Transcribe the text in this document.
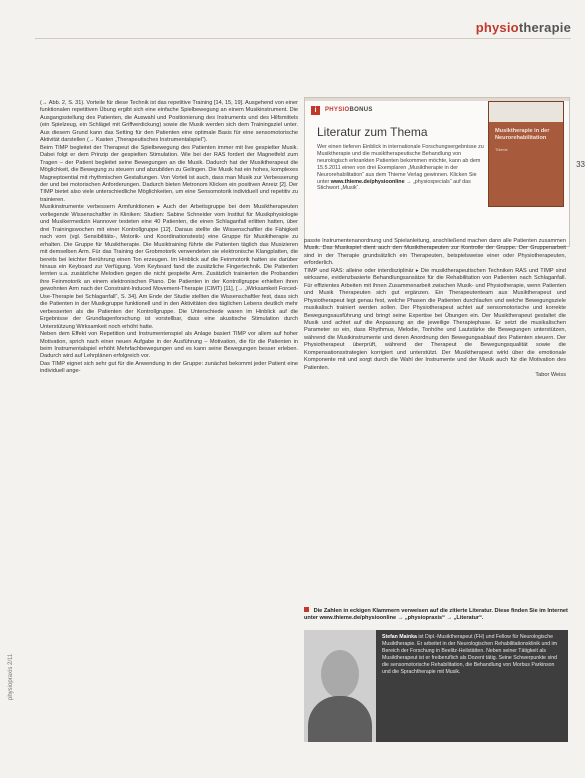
physiotherapie
33
physiopraxis 2/11

(→ Abb. 2, S. 31). Vorteile für diese Technik ist das repetitive Training [14, 15, 19]. Ausgehend von einer funktionalen repetitiven Übung ergibt sich eine einfache Spielbewegung an einem Musikinstrument. Die Ausgangsstellung des Patienten, die Auswahl und Positionierung des Instruments und des Hilfsmittels (ein Spielzeug, ein Schlägel mit Griffverdickung) sowie die Musik werden sich dem Trainingsziel unter. Aus diesem Grund kann das Setting für den Patienten eine optimale Basis für eine sensomotorische Aktivität darstellen (→ Kasten „Therapeutisches Instrumentalspiel“).

Beim TIMP begleitet der Therapeut die Spielbewegung des Patienten immer mit live gespielter Musik. Dabei folgt er dem Prinzip der gespielten Stimulation. Wie bei der RAS fordert der Magnetfeld zum Tragen – der Patient begleitet seine Bewegungen an die Musik. Dadurch hat der Musiktherapeut die Möglichkeit, die Bewegung zu steuern und abzubilden zu Gelingen. Die Musik hat ein hohes, komplexes Magneptoential mit rhythmischen Gestaltungen. Von Vorteil ist auch, dass man Musik zur Verbesserung der und bei motorischen Anforderungen. Dadurch bieten Metronom Klicken ein positiven Anreiz [2]. Der TIMP bietet also viele unterschiedliche Möglichkeiten, um eine Sensomotorik individuell und repetitiv zu trainieren.

Musikinstrumente verbessern Armfunktionen ▸ Auch der Arbeitsgruppe bei dem Musiktherapeuten vorliegende Wissenschaftler in Kliniken: Studien: Sabine Schneider vom Institut für Musikphysiologie und Musikermedizin Hannover testeten eine 40 Patienten, die einen Schlaganfall erlitten hatten, über drei Trainingswochen mit einer Kontrollgruppe [12]. Daraus stellte die Wissenschaftler die Fähigkeit nach vorn (vgl. Sensibilitäts-, Motorik- und Koordinationstests) eine Gruppe für Musiktherapie zu erhalten. Die Gruppe für Musiktherapie. Die Musiktraining führte die Patienten täglich das Musizieren mit demselben Arm. Für das Training der Grobmotorik verwendeten sie elektronische Klangplatten, die bereits bei leichter Berührung einen Ton erzeugen. Im Hinblick auf die Feinmotorik hatten sie darüber hinaus ein Keyboard zur Verfügung. Vom Keyboard fand die zusätzliche Fingertechnik. Die Patienten lernten u.a. zusätzliche Melodien gegen die nicht gespielte Arm. Zusätzlich trainierten die Probanden ihre Feinmotorik an einem elektronischen Piano. Die Patienten in der Kontrollgruppe erhielten ihren gewohnten Arm nach der Constraint-Induced Movement-Therapie (CIMT) [11], [→ „Wirksamkeit Forced-Use-Therapie bei Schlaganfall“, S. 34]. Am Ende der Studie stellten die Wissenschaftler fest, dass sich die Patienten in der Musikgruppe funktionell und in den Aktivitäten des täglichen Lebens deutlich mehr verbesserten als die Patienten der Kontrollgruppe. Die Unterschiede waren im Hinblick auf die Ergebnisse der Grundlagenforschung ist vorstellbar, dass eine akustische Stimulation durch Unterstützung Wirksamkeit noch erhöht hatte.

Neben dem Effekt von Repetition und Instrumentenspiel als Anlage basiert TIMP vor allem auf hoher Motivation, sprich nach einer neuen Aufgabe in der Ausführung – Motivation, die für die Patienten in beim Instrumentalspiel erhöht Mehrfachbewegungen und es kann seine Bewegungen besser erleben. Dadurch wird auf Lehrplänen erfolgreich vor.

Das TIMP eignet sich sehr gut für die Anwendung in der Gruppe: zunächst bekommt jeder Patient eine individuell ange-

i	PHYSIOBONUS
Literatur zum Thema
Wer einen tieferen Einblick in internationale Forschungsergebnisse zu Musiktherapie und die musiktherapeutische Behandlung von neurologisch erkrankten Patienten bekommen möchte, kann ab dem 15.5.2011 einen von drei Exemplaren „Musiktherapie in der Neurorehabilitation“ aus dem Thieme Verlag gewinnen. Klicken Sie unter www.thieme.de/physioonline → „physiospecials“ auf das Stichwort „Musik“.
Musiktherapie in der Neurorehabilitation
Thieme

passte Instrumentenanordnung und Spielanleitung, anschließend machen dann alle Patienten zusammen Musik. Das Musikspiel dient auch den Musiktherapeuten zur Kontrolle der Gruppe. Der Gruppenarbeit sind in der Therapie grundsätzlich ein Therapeuten, beispielsweise einer oder Physiotherapeuten, erforderlich.

TIMP und RAS: alleine oder interdisziplinär ▸ Die musiktherapeutischen Techniken RAS und TIMP sind wirksame, evidenzbasierte Behandlungsansätze für die Rehabilitation von Patienten nach Schlaganfall. Für effizientes Arbeiten mit ihnen Zusammenarbeit zwischen Musik- und Physiotherapie, wenn Patienten und Musik Therapeuten sich gut ergänzen. Ein Therapeutenteam aus Musiktherapeut und Physiotherapeut legt genau fest, welche Phasen die Patienten durchlaufen und welche Bewegungsziele musikalisch trainiert werden sollen. Der Physiotherapeut achtet auf sensomotorische und korrekte Bewegungsausführung und bringt seine Expertise bei Übungen ein. Der Musiktherapeut gestaltet die Musik und achtet auf die Anpassung an die jeweilige Therapiephase. Er setzt die musikalischen Parameter so ein, dass Rhythmus, Melodie, Tonhöhe und Lautstärke die Bewegungen unterstützen, während die Musikinstrumente und deren Anordnung den Bewegungsablauf des Patienten steuern. Der Physiotherapeut überprüft, während der Therapeut die Bewegungsqualität sowie die Kompensationsstrategien korrigiert und unterstützt. Der Musiktherapeut wirkt über die emotionale Komponente mit und sorgt durch die Wahl der Instrumente und der Musik auch für die Motivation des Patienten.

Tabor Weiss

Die Zahlen in eckigen Klammern verweisen auf die zitierte Literatur. Diese finden Sie im Internet unter www.thieme.de/physioonline → „physiopraxis“ → „Literatur“.
Stefan Mainka ist Dipl.-Musiktherapeut (FH) und Fellow für Neurologische Musiktherapie. Er arbeitet in der Neurologischen Rehabilitationsklinik und im Bereich der Forschung in Beelitz-Heilstätten. Neben seiner Tätigkeit als Musiktherapeut ist er freiberuflich als Dozent tätig. Seine Schwerpunkte sind die sensomotorische Rehabilitation, die Behandlung von Morbus Parkinson und die Sprachtherapie mit Musik.
